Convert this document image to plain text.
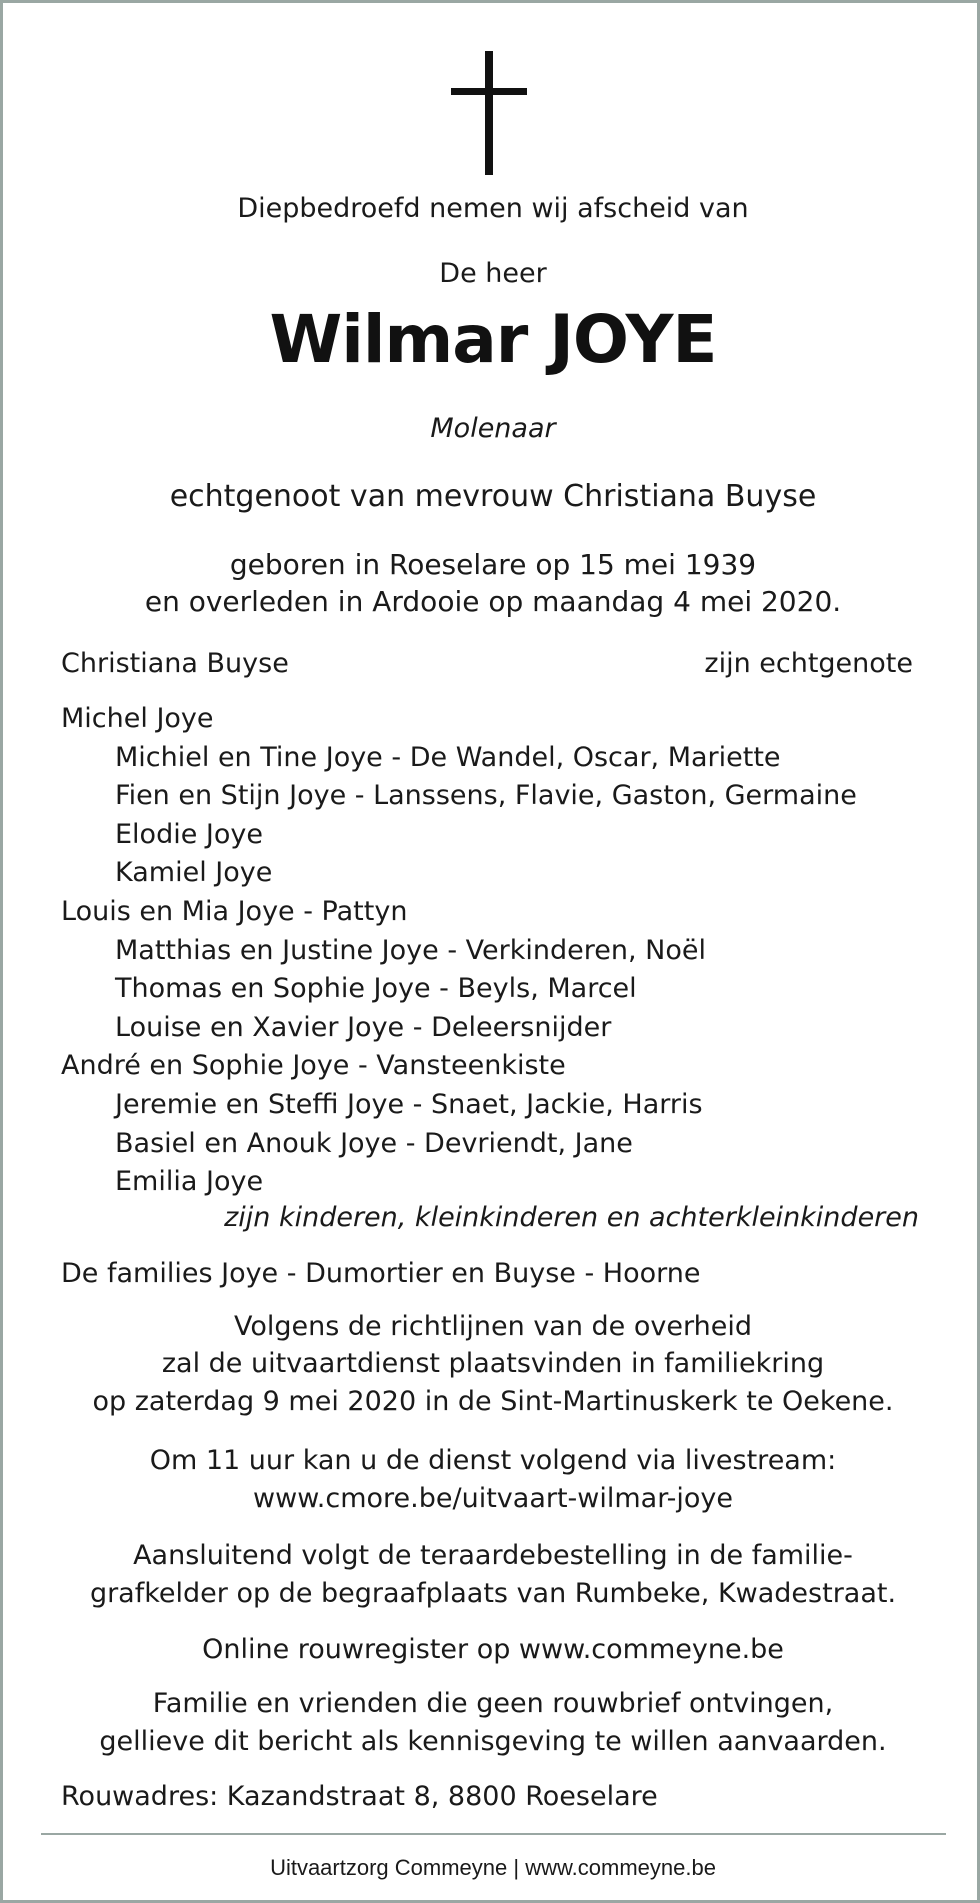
Diepbedroefd nemen wij afscheid van
De heer
Wilmar JOYE
Molenaar
echtgenoot van mevrouw Christiana Buyse
geboren in Roeselare op 15 mei 1939
en overleden in Ardooie op maandag 4 mei 2020.
Christiana Buyse	zijn echtgenote
Michel Joye
Michiel en Tine Joye - De Wandel, Oscar, Mariette
Fien en Stijn Joye - Lanssens, Flavie, Gaston, Germaine
Elodie Joye
Kamiel Joye
Louis en Mia Joye - Pattyn
Matthias en Justine Joye - Verkinderen, Noël
Thomas en Sophie Joye - Beyls, Marcel
Louise en Xavier Joye - Deleersnijder
André en Sophie Joye - Vansteenkiste
Jeremie en Steffi Joye - Snaet, Jackie, Harris
Basiel en Anouk Joye - Devriendt, Jane
Emilia Joye
zijn kinderen, kleinkinderen en achterkleinkinderen
De families Joye - Dumortier en Buyse - Hoorne
Volgens de richtlijnen van de overheid
zal de uitvaartdienst plaatsvinden in familiekring
op zaterdag 9 mei 2020 in de Sint-Martinuskerk te Oekene.
Om 11 uur kan u de dienst volgend via livestream:
www.cmore.be/uitvaart-wilmar-joye
Aansluitend volgt de teraardebestelling in de familie-
grafkelder op de begraafplaats van Rumbeke, Kwadestraat.
Online rouwregister op www.commeyne.be
Familie en vrienden die geen rouwbrief ontvingen,
gellieve dit bericht als kennisgeving te willen aanvaarden.
Rouwadres: Kazandstraat 8, 8800 Roeselare
Uitvaartzorg Commeyne | www.commeyne.be
